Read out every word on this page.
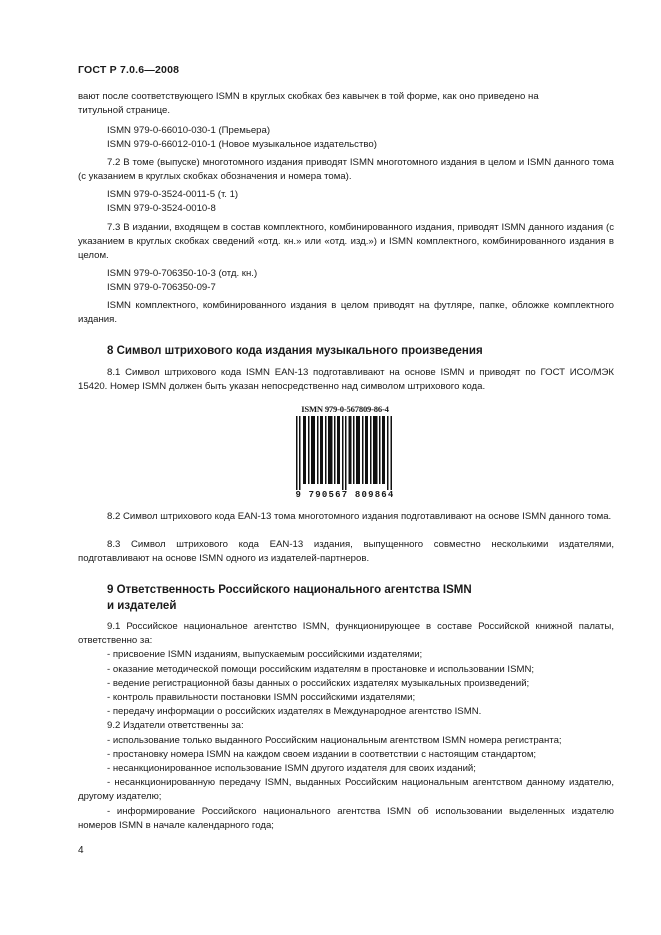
ГОСТ Р 7.0.6—2008

вают после соответствующего ISMN в круглых скобках без кавычек в той форме, как оно приведено на

титульной странице.

ISMN 979-0-66010-030-1 (Премьера)
ISMN 979-0-66012-010-1 (Новое музыкальное издательство)

7.2 В томе (выпуске) многотомного издания приводят ISMN многотомного издания в целом и ISMN данного тома (с указанием в круглых скобках обозначения и номера тома).

ISMN 979-0-3524-0011-5 (т. 1)
ISMN 979-0-3524-0010-8

7.3 В издании, входящем в состав комплектного, комбинированного издания, приводят ISMN данного издания (с указанием в круглых скобках сведений «отд. кн.» или «отд. изд.») и ISMN комплектного, комбинированного издания в целом.

ISMN 979-0-706350-10-3 (отд. кн.)
ISMN 979-0-706350-09-7

ISMN комплектного, комбинированного издания в целом приводят на футляре, папке, обложке комплектного издания.

8 Символ штрихового кода издания музыкального произведения

8.1 Символ штрихового кода ISMN EAN-13 подготавливают на основе ISMN и приводят по ГОСТ ИСО/МЭК 15420. Номер ISMN должен быть указан непосредственно над символом штрихового кода.

ISMN 979-0-567809-86-4
9 790567 809864

8.2 Символ штрихового кода EAN-13 тома многотомного издания подготавливают на основе ISMN данного тома.

8.3 Символ штрихового кода EAN-13 издания, выпущенного совместно несколькими издателями, подготавливают на основе ISMN одного из издателей-партнеров.

9 Ответственность Российского национального агентства ISMN
и издателей

9.1 Российское национальное агентство ISMN, функционирующее в составе Российской книжной палаты, ответственно за:

- присвоение ISMN изданиям, выпускаемым российскими издателями;
- оказание методической помощи российским издателям в простановке и использовании ISMN;
- ведение регистрационной базы данных о российских издателях музыкальных произведений;
- контроль правильности постановки ISMN российскими издателями;
- передачу информации о российских издателях в Международное агентство ISMN.

9.2 Издатели ответственны за:

- использование только выданного Российским национальным агентством ISMN номера регистранта;
- простановку номера ISMN на каждом своем издании в соответствии с настоящим стандартом;
- несанкционированное использование ISMN другого издателя для своих изданий;
- несанкционированную передачу ISMN, выданных Российским национальным агентством данному издателю, другому издателю;
- информирование Российского национального агентства ISMN об использовании выделенных издателю номеров ISMN в начале календарного года;
4
